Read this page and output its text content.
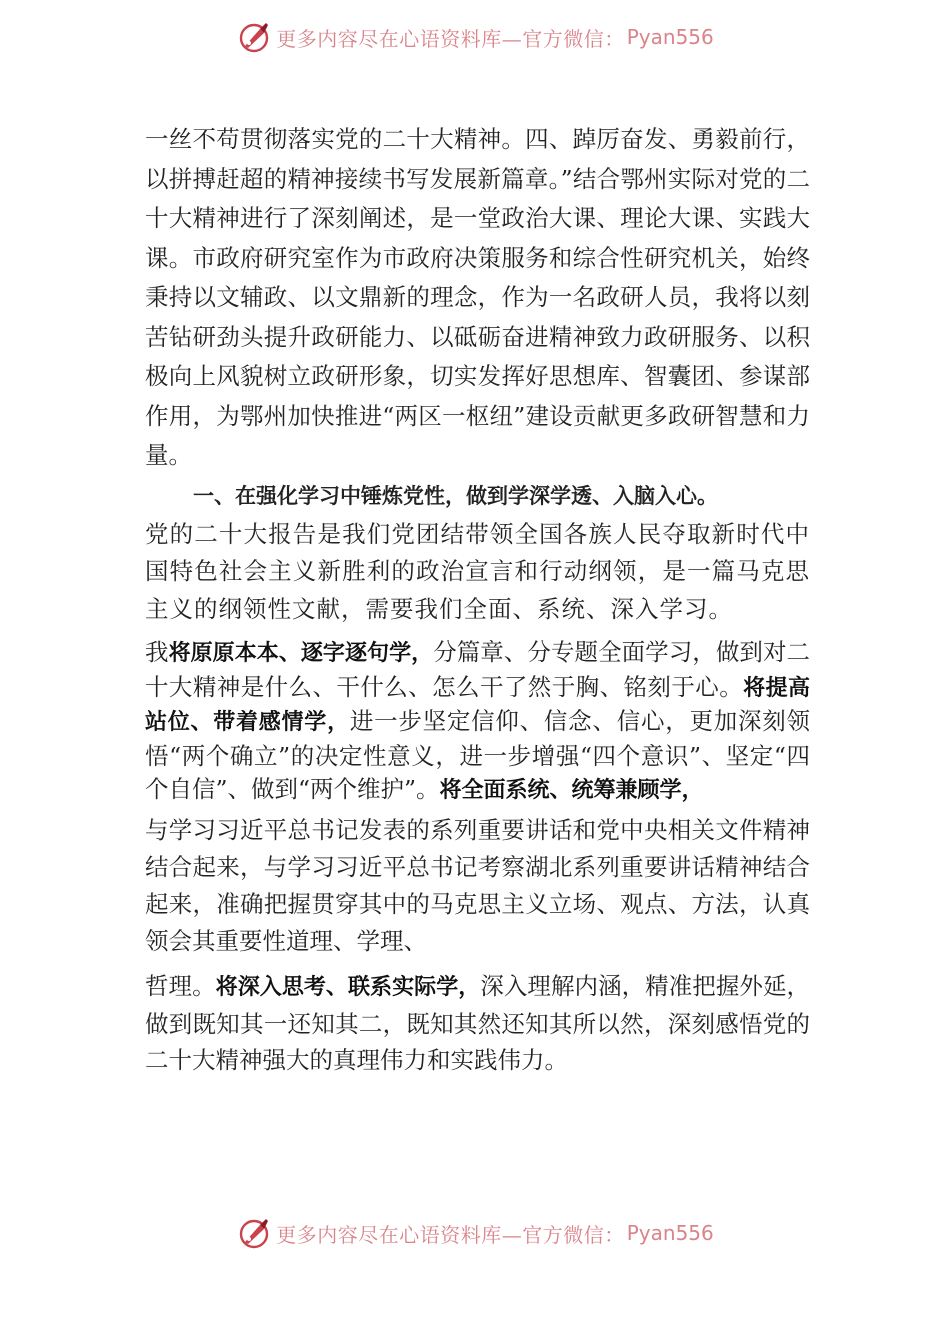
更多内容尽在心语资料库—官方微信： Pyan556

一丝不苟贯彻落实党的二十大精神。四、踔厉奋发、勇毅前行，以拼搏赶超的精神接续书写发展新篇章。”结合鄂州实际对党的二十大精神进行了深刻阐述，是一堂政治大课、理论大课、实践大课。市政府研究室作为市政府决策服务和综合性研究机关，始终秉持以文辅政、以文鼎新的理念，作为一名政研人员，我将以刻苦钻研劲头提升政研能力、以砥砺奋进精神致力政研服务、以积极向上风貌树立政研形象，切实发挥好思想库、智囊团、参谋部作用，为鄂州加快推进“两区一枢纽”建设贡献更多政研智慧和力量。

一、在强化学习中锤炼党性，做到学深学透、入脑入心。

党的二十大报告是我们党团结带领全国各族人民夺取新时代中国特色社会主义新胜利的政治宣言和行动纲领，是一篇马克思主义的纲领性文献，需要我们全面、系统、深入学习。

我将原原本本、逐字逐句学，分篇章、分专题全面学习，做到对二十大精神是什么、干什么、怎么干了然于胸、铭刻于心。将提高站位、带着感情学，进一步坚定信仰、信念、信心，更加深刻领悟“两个确立”的决定性意义，进一步增强“四个意识”、坚定“四个自信”、做到“两个维护”。将全面系统、统筹兼顾学，

与学习习近平总书记发表的系列重要讲话和党中央相关文件精神结合起来，与学习习近平总书记考察湖北系列重要讲话精神结合起来，准确把握贯穿其中的马克思主义立场、观点、方法，认真领会其重要性道理、学理、

哲理。将深入思考、联系实际学，深入理解内涵，精准把握外延，做到既知其一还知其二，既知其然还知其所以然，深刻感悟党的二十大精神强大的真理伟力和实践伟力。

更多内容尽在心语资料库—官方微信： Pyan556
